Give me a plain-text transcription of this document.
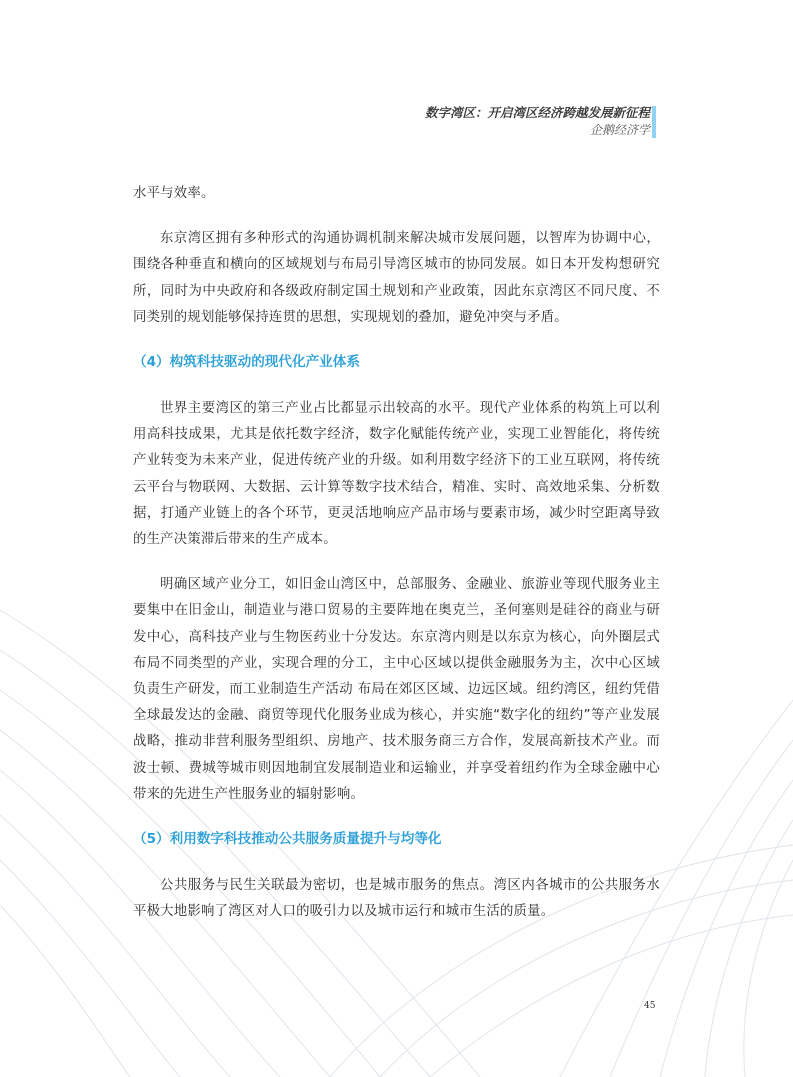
数字湾区：开启湾区经济跨越发展新征程
企鹅经济学

水平与效率。

东京湾区拥有多种形式的沟通协调机制来解决城市发展问题，以智库为协调中心，围绕各种垂直和横向的区域规划与布局引导湾区城市的协同发展。如日本开发构想研究所，同时为中央政府和各级政府制定国土规划和产业政策，因此东京湾区不同尺度、不同类别的规划能够保持连贯的思想，实现规划的叠加，避免冲突与矛盾。

（4）构筑科技驱动的现代化产业体系

世界主要湾区的第三产业占比都显示出较高的水平。现代产业体系的构筑上可以利用高科技成果，尤其是依托数字经济，数字化赋能传统产业，实现工业智能化，将传统产业转变为未来产业，促进传统产业的升级。如利用数字经济下的工业互联网，将传统云平台与物联网、大数据、云计算等数字技术结合，精准、实时、高效地采集、分析数据，打通产业链上的各个环节，更灵活地响应产品市场与要素市场，减少时空距离导致的生产决策滞后带来的生产成本。

明确区域产业分工，如旧金山湾区中，总部服务、金融业、旅游业等现代服务业主要集中在旧金山，制造业与港口贸易的主要阵地在奥克兰，圣何塞则是硅谷的商业与研发中心，高科技产业与生物医药业十分发达。东京湾内则是以东京为核心，向外圈层式布局不同类型的产业，实现合理的分工，主中心区域以提供金融服务为主，次中心区域负责生产研发，而工业制造生产活动 布局在郊区区域、边远区域。纽约湾区，纽约凭借全球最发达的金融、商贸等现代化服务业成为核心，并实施“数字化的纽约”等产业发展战略，推动非营利服务型组织、房地产、技术服务商三方合作，发展高新技术产业。而波士顿、费城等城市则因地制宜发展制造业和运输业，并享受着纽约作为全球金融中心带来的先进生产性服务业的辐射影响。

（5）利用数字科技推动公共服务质量提升与均等化

公共服务与民生关联最为密切，也是城市服务的焦点。湾区内各城市的公共服务水平极大地影响了湾区对人口的吸引力以及城市运行和城市生活的质量。

45
